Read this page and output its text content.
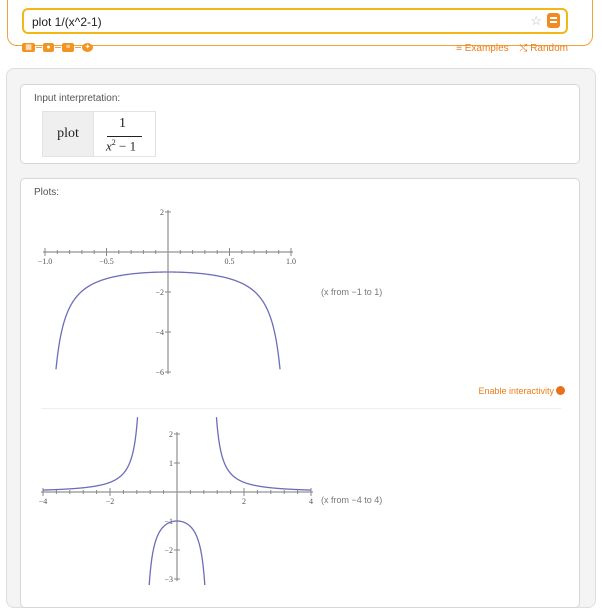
plot 1/(x^2-1)	☆
▦	●	≡	✦	≡ Examples ⤭ Random
Input interpretation:
plot
1
$x^2 - 1$
Plots:
−1.0	−0.5	0.5	1.0
2
−2
−4
−6
(x from −1 to 1)
Enable interactivity
−4	−2	2	4
2
1
−1
−2
−3
(x from −4 to 4)
